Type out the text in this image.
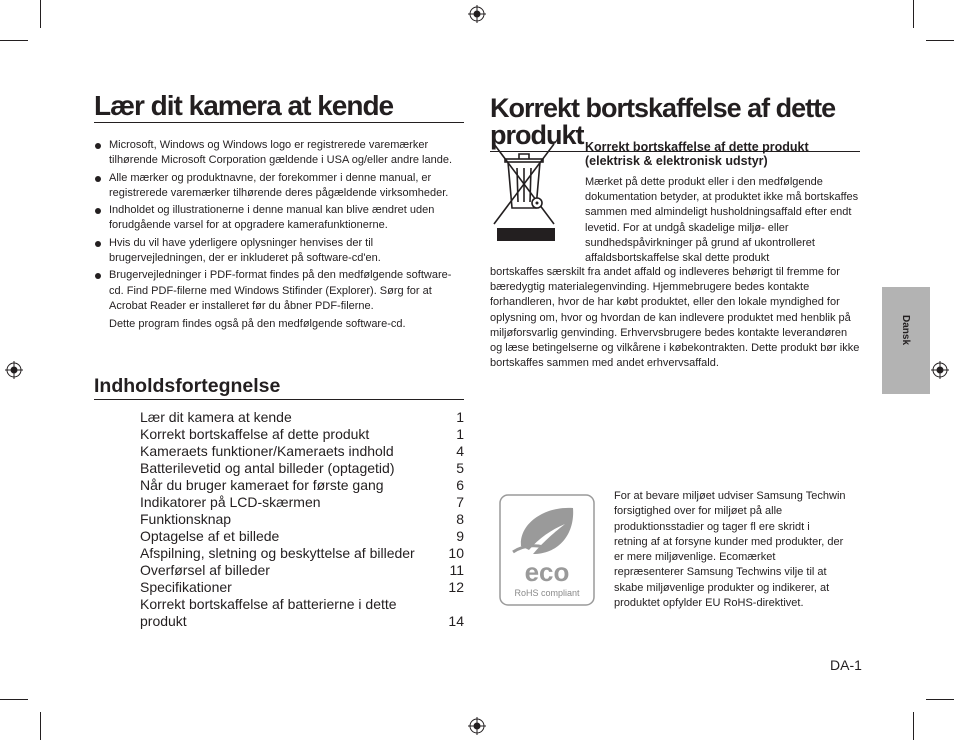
Lær dit kamera at kende
Microsoft, Windows og Windows logo er registrerede varemærker tilhørende Microsoft Corporation gældende i USA og/eller andre lande.
Alle mærker og produktnavne, der forekommer i denne manual, er registrerede varemærker tilhørende deres pågældende virksomheder.
Indholdet og illustrationerne i denne manual kan blive ændret uden forudgående varsel for at opgradere kamerafunktionerne.
Hvis du vil have yderligere oplysninger henvises der til brugervejledningen, der er inkluderet på software-cd'en.
Brugervejledninger i PDF-format findes på den medfølgende software-cd. Find PDF-filerne med Windows Stifinder (Explorer). Sørg for at Acrobat Reader er installeret før du åbner PDF-filerne.
Dette program findes også på den medfølgende software-cd.
Indholdsfortegnelse
Lær dit kamera at kende	1
Korrekt bortskaffelse af dette produkt	1
Kameraets funktioner/Kameraets indhold	4
Batterilevetid og antal billeder (optagetid)	5
Når du bruger kameraet for første gang	6
Indikatorer på LCD-skærmen	7
Funktionsknap	8
Optagelse af et billede	9
Afspilning, sletning og beskyttelse af billeder	10
Overførsel af billeder	11
Specifikationer	12
Korrekt bortskaffelse af batterierne i dette produkt	14
Korrekt bortskaffelse af dette produkt Korrekt bortskaffelse af dette produkt (elektrisk & elektronisk udstyr)
Mærket på dette produkt eller i den medfølgende dokumentation betyder, at produktet ikke må bortskaffes sammen med almindeligt husholdningsaffald efter endt levetid. For at undgå skadelige miljø- eller sundhedspåvirkninger på grund af ukontrolleret affaldsbortskaffelse skal dette produkt
bortskaffes særskilt fra andet affald og indleveres behørigt til fremme for bæredygtig materialegenvinding. Hjemmebrugere bedes kontakte forhandleren, hvor de har købt produktet, eller den lokale myndighed for oplysning om, hvor og hvordan de kan indlevere produktet med henblik på miljøforsvarlig genvinding. Erhvervsbrugere bedes kontakte leverandøren og læse betingelserne og vilkårene i købekontrakten. Dette produkt bør ikke bortskaffes sammen med andet erhvervsaffald.
eco
RoHS compliant
For at bevare miljøet udviser Samsung Techwin forsigtighed over for miljøet på alle produktionsstadier og tager fl ere skridt i retning af at forsyne kunder med produkter, der er mere miljøvenlige. Ecomærket repræsenterer Samsung Techwins vilje til at skabe miljøvenlige produkter og indikerer, at produktet opfylder EU RoHS-direktivet.
Dansk
DA-1
